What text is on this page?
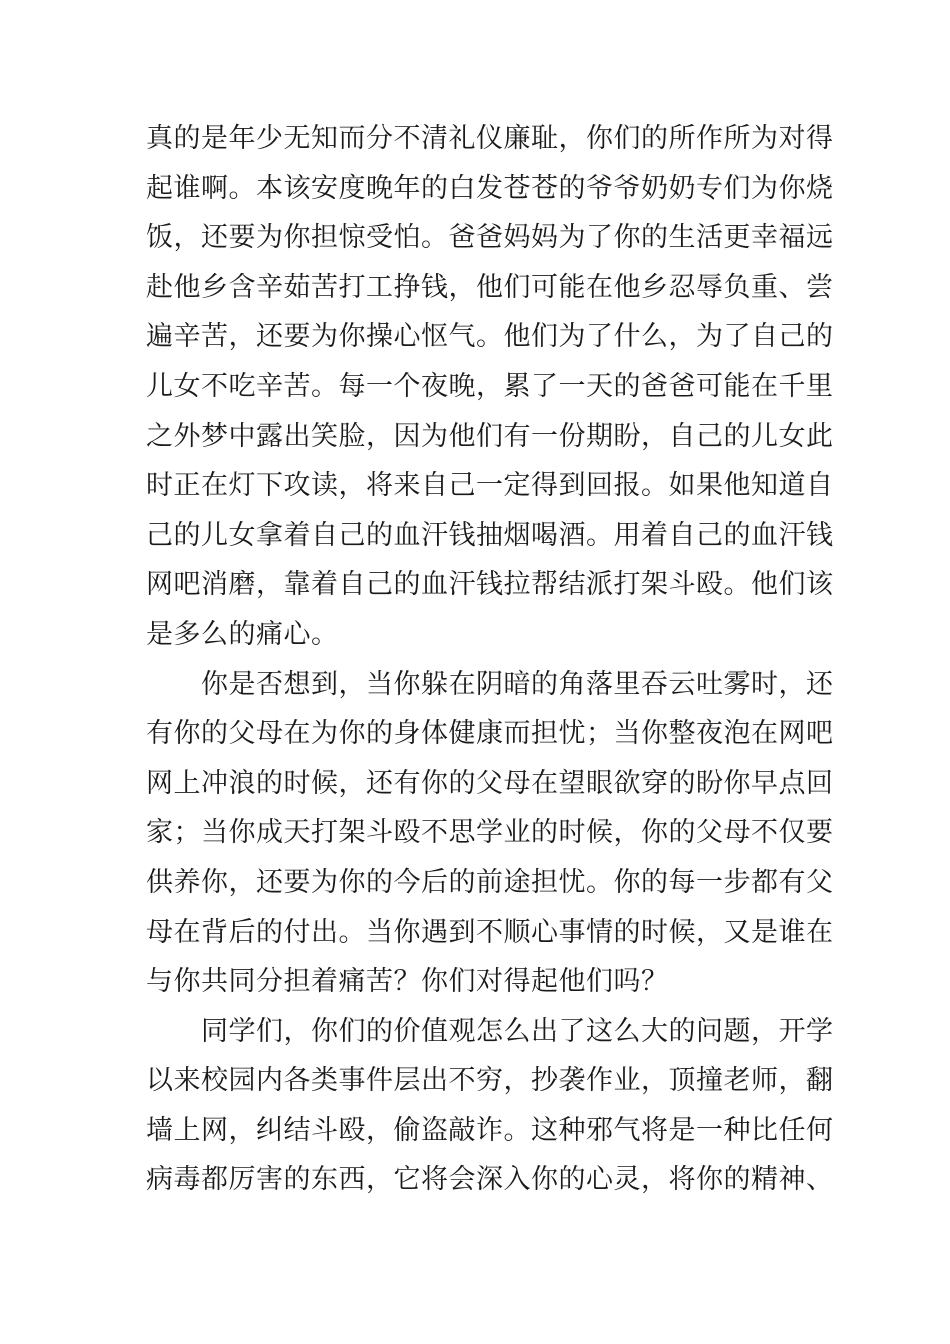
真的是年少无知而分不清礼仪廉耻，你们的所作所为对得
起谁啊。本该安度晚年的白发苍苍的爷爷奶奶专们为你烧
饭，还要为你担惊受怕。爸爸妈妈为了你的生活更幸福远
赴他乡含辛茹苦打工挣钱，他们可能在他乡忍辱负重、尝
遍辛苦，还要为你操心怄气。他们为了什么，为了自己的
儿女不吃辛苦。每一个夜晚，累了一天的爸爸可能在千里
之外梦中露出笑脸，因为他们有一份期盼，自己的儿女此
时正在灯下攻读，将来自己一定得到回报。如果他知道自
己的儿女拿着自己的血汗钱抽烟喝酒。用着自己的血汗钱
网吧消磨，靠着自己的血汗钱拉帮结派打架斗殴。他们该
是多么的痛心。
你是否想到，当你躲在阴暗的角落里吞云吐雾时，还
有你的父母在为你的身体健康而担忧；当你整夜泡在网吧
网上冲浪的时候，还有你的父母在望眼欲穿的盼你早点回
家；当你成天打架斗殴不思学业的时候，你的父母不仅要
供养你，还要为你的今后的前途担忧。你的每一步都有父
母在背后的付出。当你遇到不顺心事情的时候，又是谁在
与你共同分担着痛苦？你们对得起他们吗？
同学们，你们的价值观怎么出了这么大的问题，开学
以来校园内各类事件层出不穷，抄袭作业，顶撞老师，翻
墙上网，纠结斗殴，偷盗敲诈。这种邪气将是一种比任何
病毒都厉害的东西，它将会深入你的心灵，将你的精神、
